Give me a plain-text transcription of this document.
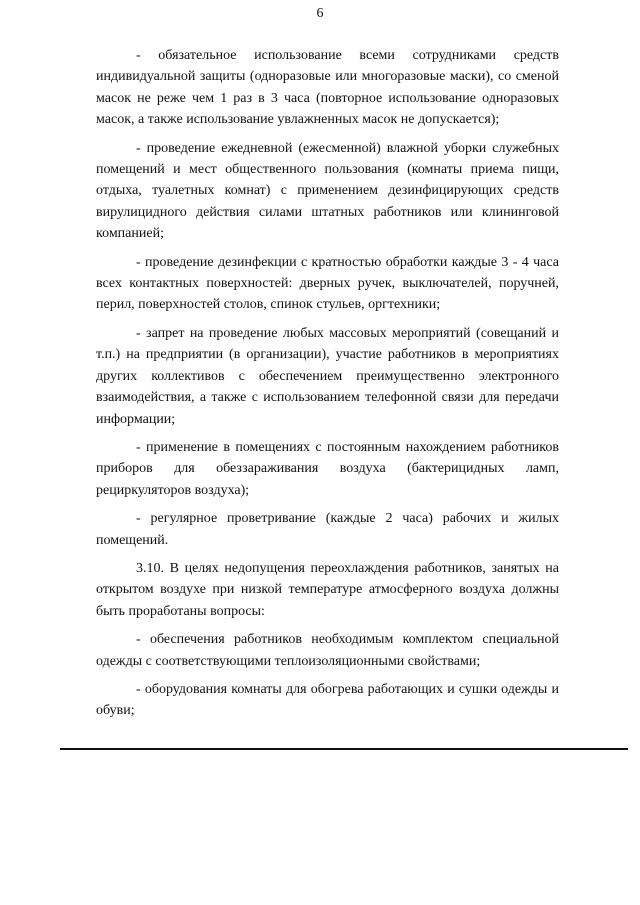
6

- обязательное использование всеми сотрудниками средств индивидуальной защиты (одноразовые или многоразовые маски), со сменой масок не реже чем 1 раз в 3 часа (повторное использование одноразовых масок, а также использование увлажненных масок не допускается);

- проведение ежедневной (ежесменной) влажной уборки служебных помещений и мест общественного пользования (комнаты приема пищи, отдыха, туалетных комнат) с применением дезинфицирующих средств вирулицидного действия силами штатных работников или клининговой компанией;

- проведение дезинфекции с кратностью обработки каждые 3 - 4 часа всех контактных поверхностей: дверных ручек, выключателей, поручней, перил, поверхностей столов, спинок стульев, оргтехники;

- запрет на проведение любых массовых мероприятий (совещаний и т.п.) на предприятии (в организации), участие работников в мероприятиях других коллективов с обеспечением преимущественно электронного взаимодействия, а также с использованием телефонной связи для передачи информации;

- применение в помещениях с постоянным нахождением работников приборов для обеззараживания воздуха (бактерицидных ламп, рециркуляторов воздуха);

- регулярное проветривание (каждые 2 часа) рабочих и жилых помещений.

3.10. В целях недопущения переохлаждения работников, занятых на открытом воздухе при низкой температуре атмосферного воздуха должны быть проработаны вопросы:

- обеспечения работников необходимым комплектом специальной одежды с соответствующими теплоизоляционными свойствами;

- оборудования комнаты для обогрева работающих и сушки одежды и обуви;
